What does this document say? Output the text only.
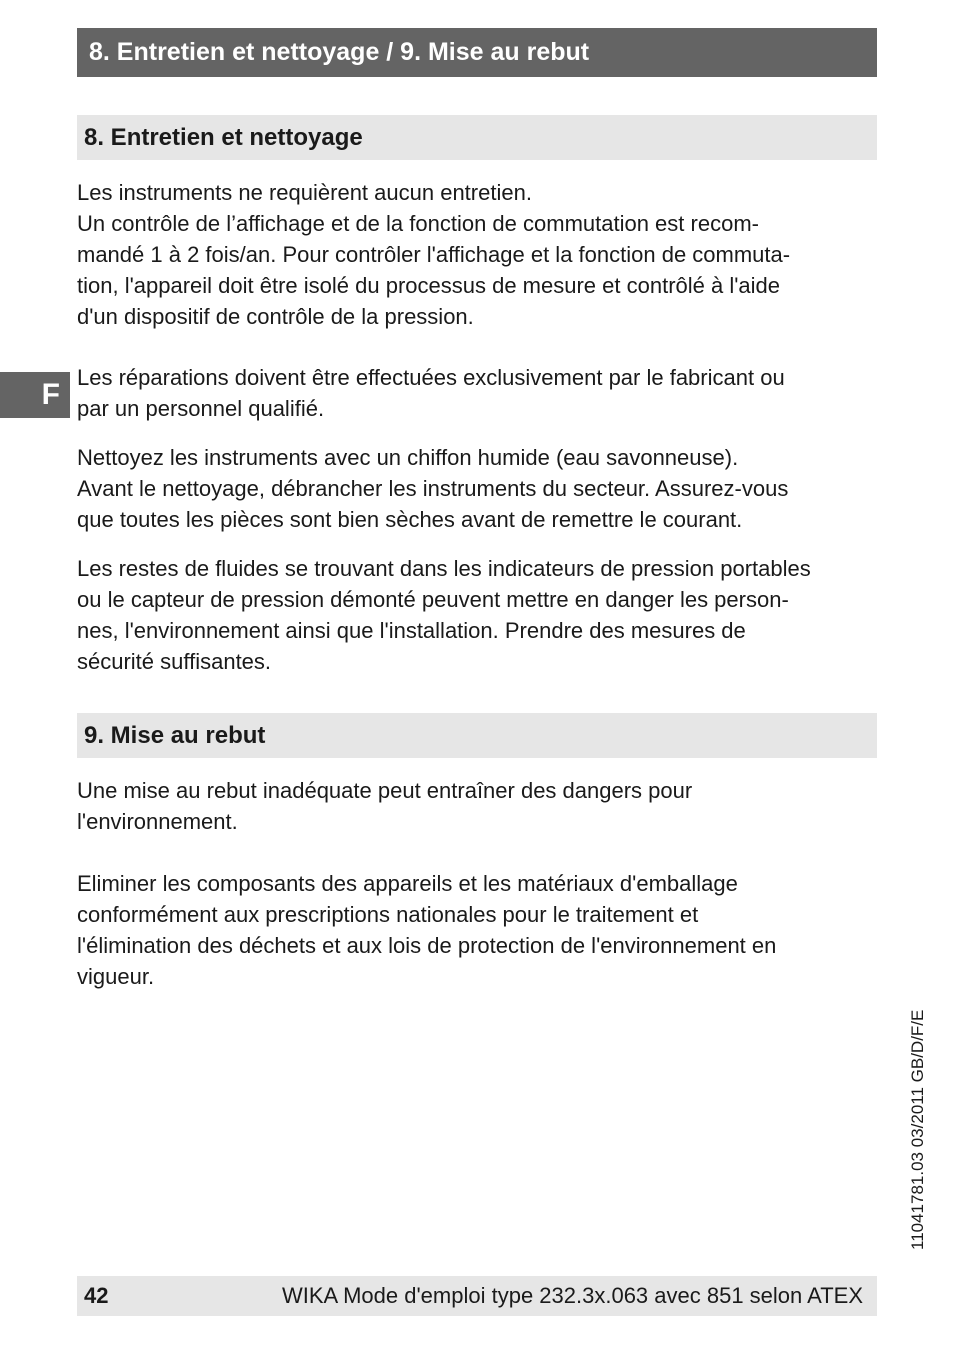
8. Entretien et nettoyage / 9. Mise au rebut
F
8. Entretien et nettoyage
Les instruments ne requièrent aucun entretien.
Un contrôle de l’affichage et de la fonction de commutation est recom-
mandé 1 à 2 fois/an. Pour contrôler l'affichage et la fonction de commuta-
tion, l'appareil doit être isolé du processus de mesure et contrôlé à l'aide
d'un dispositif de contrôle de la pression.
Les réparations doivent être effectuées exclusivement par le fabricant ou
par un personnel qualifié.
Nettoyez les instruments avec un chiffon humide (eau savonneuse).
Avant le nettoyage, débrancher les instruments du secteur. Assurez-vous
que toutes les pièces sont bien sèches avant de remettre le courant.
Les restes de fluides se trouvant dans les indicateurs de pression portables
ou le capteur de pression démonté peuvent mettre en danger les person-
nes, l'environnement ainsi que l'installation. Prendre des mesures de
sécurité suffisantes.
9. Mise au rebut
Une mise au rebut inadéquate peut entraîner des dangers pour
l'environnement.
Eliminer les composants des appareils et les matériaux d'emballage
conformément aux prescriptions nationales pour le traitement et
l'élimination des déchets et aux lois de protection de l'environnement en
vigueur.
11041781.03 03/2011 GB/D/F/E
42	WIKA Mode d'emploi type 232.3x.063 avec 851 selon ATEX
